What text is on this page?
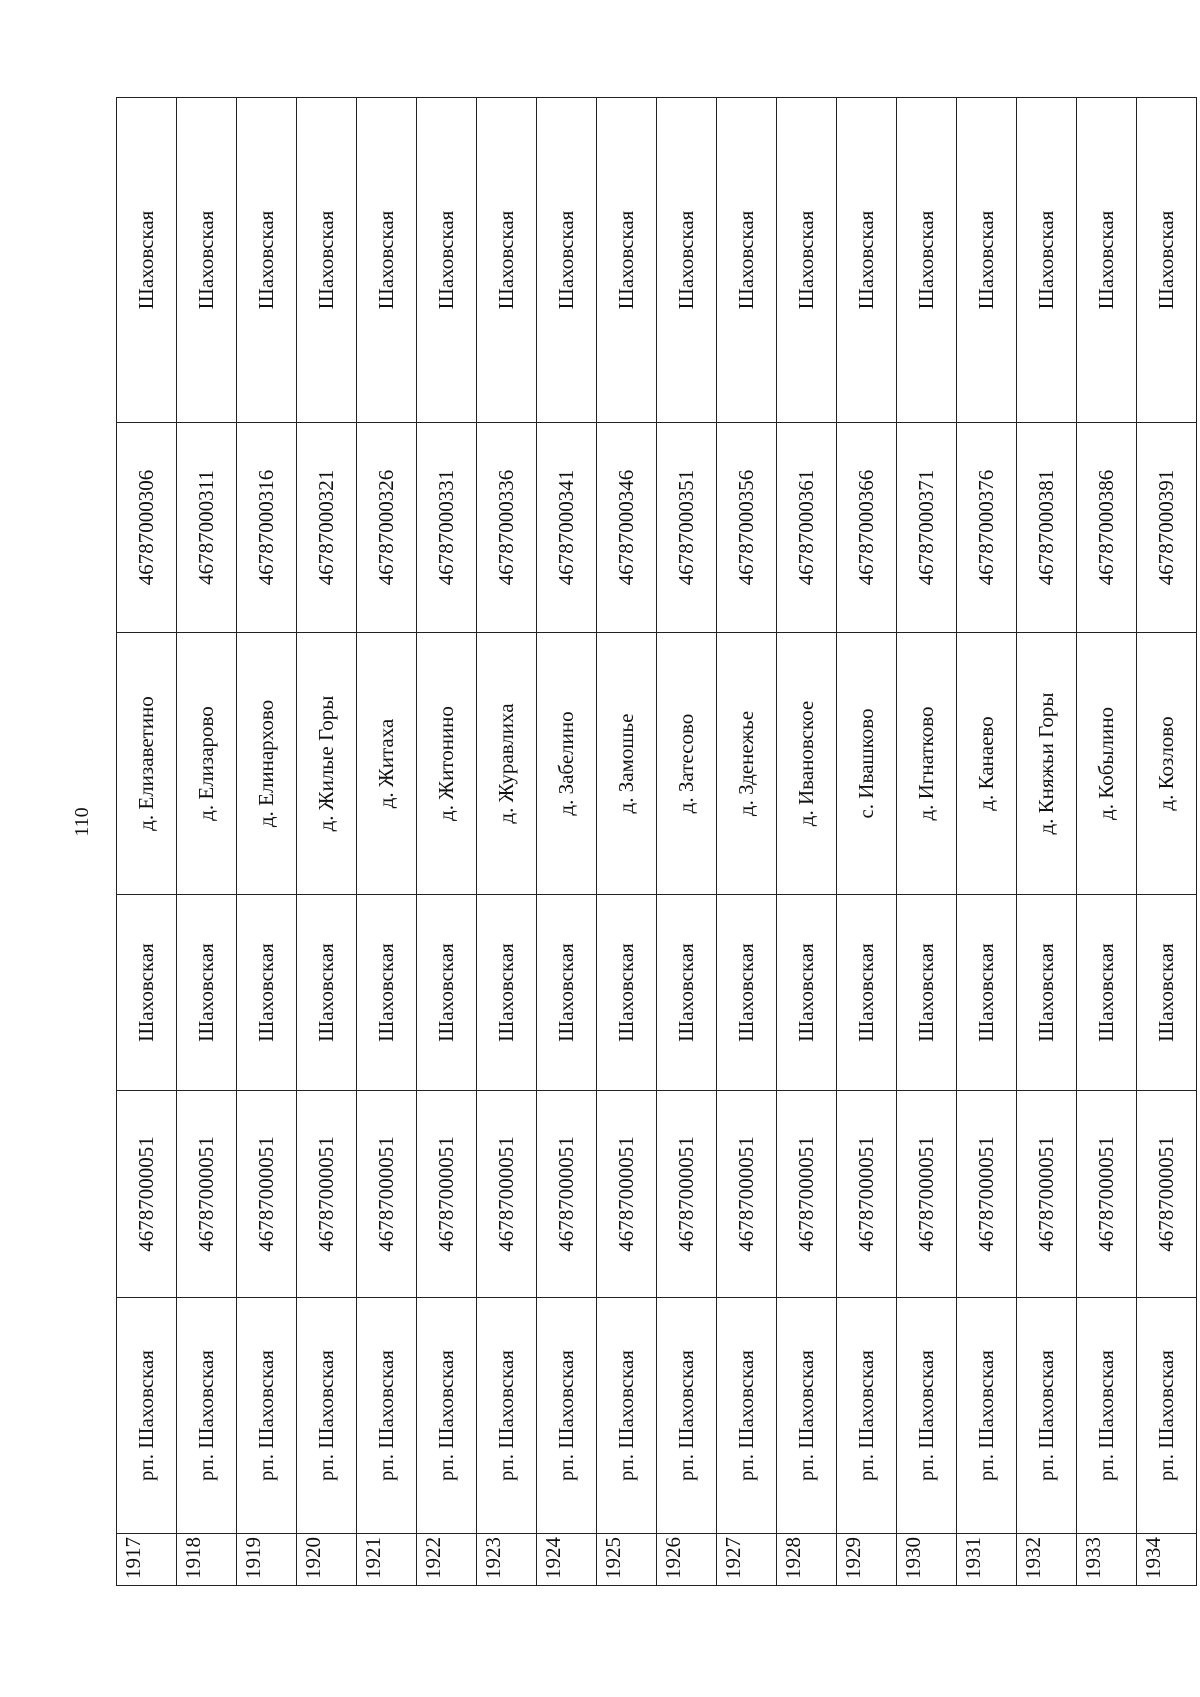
110
1917	рп. Шаховская	46787000051	Шаховская	д. Елизаветино	46787000306	Шаховская
1918	рп. Шаховская	46787000051	Шаховская	д. Елизарово	46787000311	Шаховская
1919	рп. Шаховская	46787000051	Шаховская	д. Елинархово	46787000316	Шаховская
1920	рп. Шаховская	46787000051	Шаховская	д. Жилые Горы	46787000321	Шаховская
1921	рп. Шаховская	46787000051	Шаховская	д. Житаха	46787000326	Шаховская
1922	рп. Шаховская	46787000051	Шаховская	д. Житонино	46787000331	Шаховская
1923	рп. Шаховская	46787000051	Шаховская	д. Журавлиха	46787000336	Шаховская
1924	рп. Шаховская	46787000051	Шаховская	д. Забелино	46787000341	Шаховская
1925	рп. Шаховская	46787000051	Шаховская	д. Замошье	46787000346	Шаховская
1926	рп. Шаховская	46787000051	Шаховская	д. Затесово	46787000351	Шаховская
1927	рп. Шаховская	46787000051	Шаховская	д. Зденежье	46787000356	Шаховская
1928	рп. Шаховская	46787000051	Шаховская	д. Ивановское	46787000361	Шаховская
1929	рп. Шаховская	46787000051	Шаховская	с. Ивашково	46787000366	Шаховская
1930	рп. Шаховская	46787000051	Шаховская	д. Игнатково	46787000371	Шаховская
1931	рп. Шаховская	46787000051	Шаховская	д. Канаево	46787000376	Шаховская
1932	рп. Шаховская	46787000051	Шаховская	д. Княжьи Горы	46787000381	Шаховская
1933	рп. Шаховская	46787000051	Шаховская	д. Кобылино	46787000386	Шаховская
1934	рп. Шаховская	46787000051	Шаховская	д. Козлово	46787000391	Шаховская
